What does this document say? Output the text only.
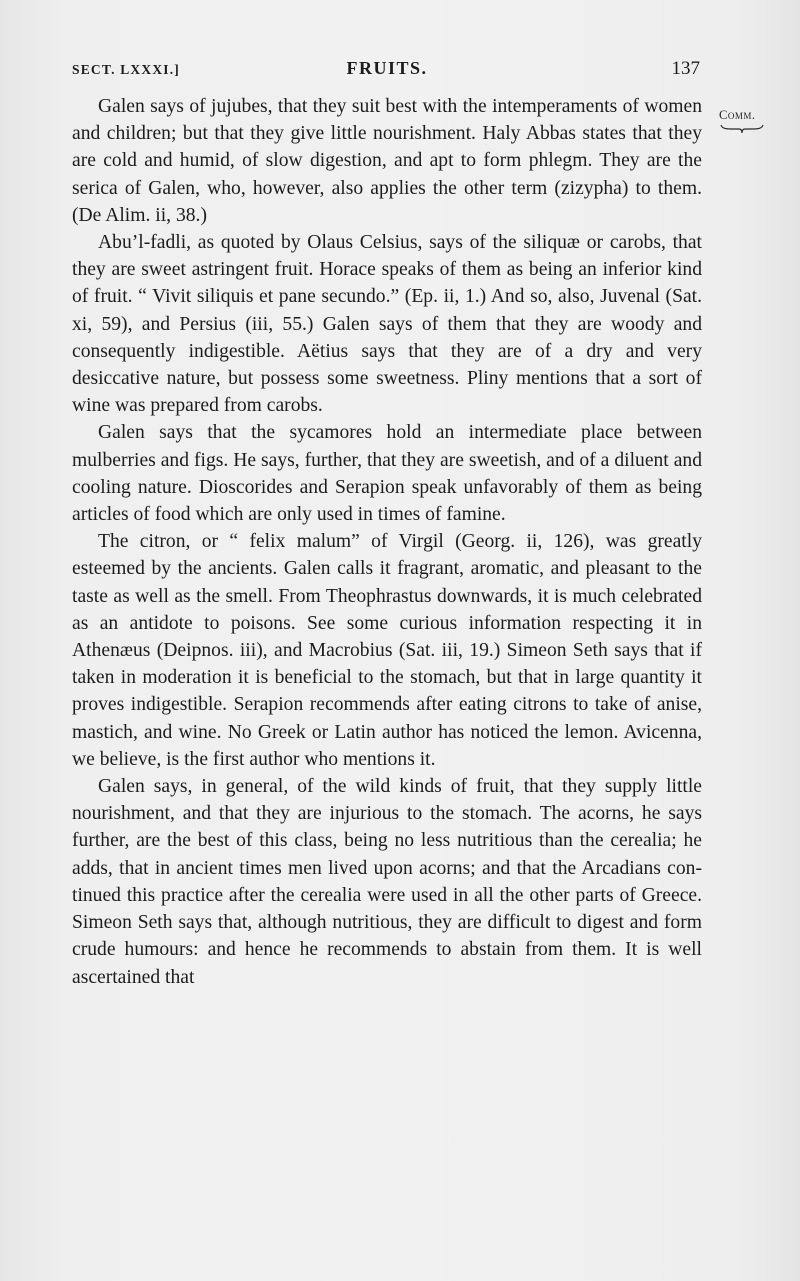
SECT. LXXXI.]	FRUITS.	137
Comm.

Galen says of jujubes, that they suit best with the intemperaments of women and children; but that they give little nourishment. Haly Abbas states that they are cold and humid, of slow digestion, and apt to form phlegm. They are the serica of Galen, who, however, also applies the other term (zizypha) to them. (De Alim. ii, 38.)

Abu’l-fadli, as quoted by Olaus Celsius, says of the siliquæ or carobs, that they are sweet astringent fruit. Horace speaks of them as being an inferior kind of fruit. “ Vivit siliquis et pane secundo.” (Ep. ii, 1.) And so, also, Juvenal (Sat. xi, 59), and Persius (iii, 55.) Galen says of them that they are woody and consequently indigestible. Aëtius says that they are of a dry and very desiccative nature, but possess some sweetness. Pliny mentions that a sort of wine was prepared from carobs.

Galen says that the sycamores hold an intermediate place between mulberries and figs. He says, further, that they are sweetish, and of a diluent and cooling nature. Dioscorides and Serapion speak unfavorably of them as being articles of food which are only used in times of famine.

The citron, or “ felix malum” of Virgil (Georg. ii, 126), was greatly esteemed by the ancients. Galen calls it fragrant, aromatic, and pleasant to the taste as well as the smell. From Theophrastus downwards, it is much celebrated as an antidote to poisons. See some curious information respecting it in Athenæus (Deipnos. iii), and Macrobius (Sat. iii, 19.) Simeon Seth says that if taken in moderation it is beneficial to the stomach, but that in large quantity it proves indigestible. Serapion recommends after eating citrons to take of anise, mastich, and wine. No Greek or Latin author has noticed the lemon. Avicenna, we believe, is the first author who mentions it.

Galen says, in general, of the wild kinds of fruit, that they supply little nourishment, and that they are injurious to the stomach. The acorns, he says further, are the best of this class, being no less nutritious than the cerealia; he adds, that in ancient times men lived upon acorns; and that the Arcadians continued this practice after the cerealia were used in all the other parts of Greece. Simeon Seth says that, although nutritious, they are difficult to digest and form crude humours: and hence he recommends to abstain from them. It is well ascertained that
